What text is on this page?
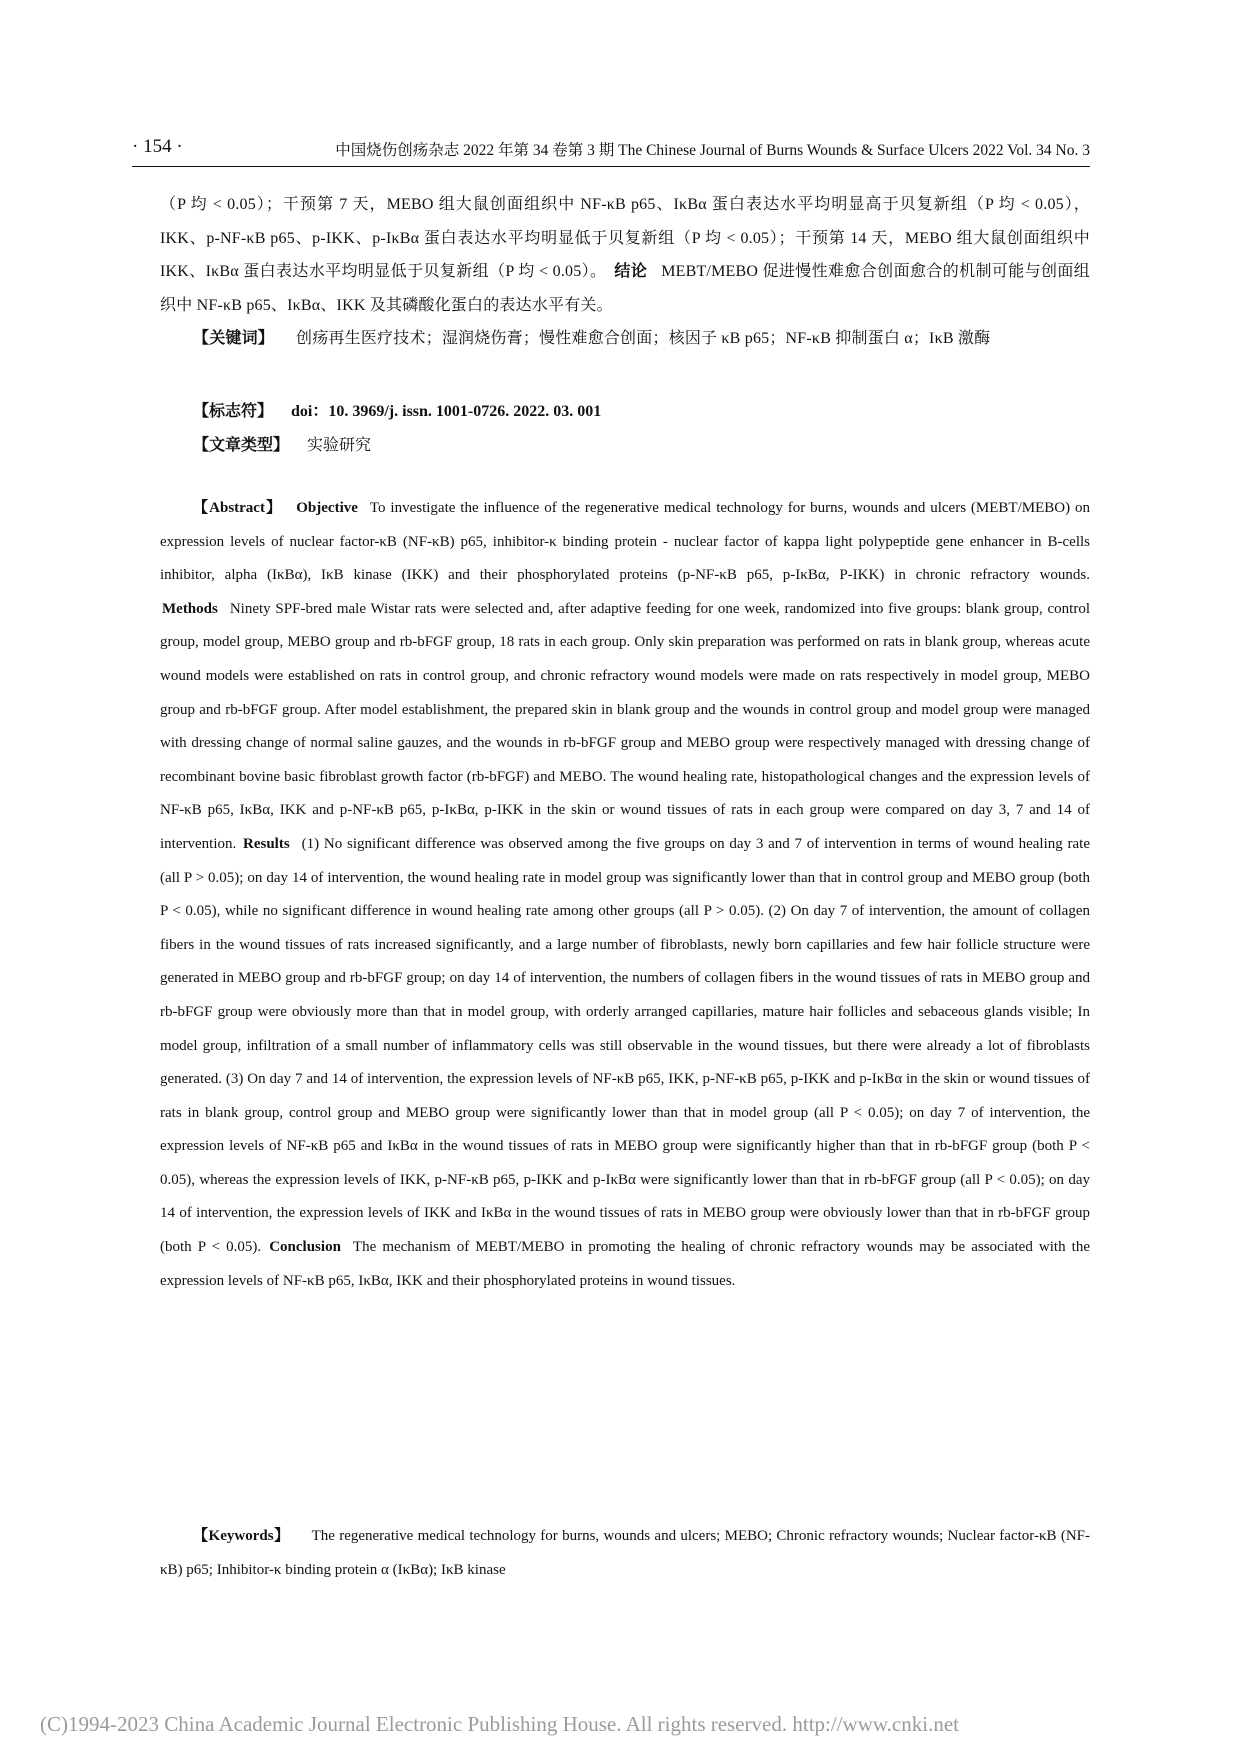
· 154 ·	中国烧伤创疡杂志 2022 年第 34 卷第 3 期 The Chinese Journal of Burns Wounds & Surface Ulcers 2022 Vol. 34 No. 3
（P 均 < 0.05）；干预第 7 天，MEBO 组大鼠创面组织中 NF-κB p65、IκBα 蛋白表达水平均明显高于贝复新组（P 均 < 0.05），IKK、p-NF-κB p65、p-IKK、p-IκBα 蛋白表达水平均明显低于贝复新组（P 均 < 0.05）；干预第 14 天，MEBO 组大鼠创面组织中 IKK、IκBα 蛋白表达水平均明显低于贝复新组（P 均 < 0.05）。 结论 MEBT/MEBO 促进慢性难愈合创面愈合的机制可能与创面组织中 NF-κB p65、IκBα、IKK 及其磷酸化蛋白的表达水平有关。
【关键词】 创疡再生医疗技术；湿润烧伤膏；慢性难愈合创面；核因子 κB p65；NF-κB 抑制蛋白 α；IκB 激酶
【标志符】 doi：10. 3969/j. issn. 1001-0726. 2022. 03. 001
【文章类型】 实验研究
【Abstract】 Objective To investigate the influence of the regenerative medical technology for burns, wounds and ulcers (MEBT/MEBO) on expression levels of nuclear factor-κB (NF-κB) p65, inhibitor-κ binding protein - nuclear factor of kappa light polypeptide gene enhancer in B-cells inhibitor, alpha (IκBα), IκB kinase (IKK) and their phosphorylated proteins (p-NF-κB p65, p-IκBα, P-IKK) in chronic refractory wounds. Methods Ninety SPF-bred male Wistar rats were selected and, after adaptive feeding for one week, randomized into five groups: blank group, control group, model group, MEBO group and rb-bFGF group, 18 rats in each group. Only skin preparation was performed on rats in blank group, whereas acute wound models were established on rats in control group, and chronic refractory wound models were made on rats respectively in model group, MEBO group and rb-bFGF group. After model establishment, the prepared skin in blank group and the wounds in control group and model group were managed with dressing change of normal saline gauzes, and the wounds in rb-bFGF group and MEBO group were respectively managed with dressing change of recombinant bovine basic fibroblast growth factor (rb-bFGF) and MEBO. The wound healing rate, histopathological changes and the expression levels of NF-κB p65, IκBα, IKK and p-NF-κB p65, p-IκBα, p-IKK in the skin or wound tissues of rats in each group were compared on day 3, 7 and 14 of intervention. Results (1) No significant difference was observed among the five groups on day 3 and 7 of intervention in terms of wound healing rate (all P > 0.05); on day 14 of intervention, the wound healing rate in model group was significantly lower than that in control group and MEBO group (both P < 0.05), while no significant difference in wound healing rate among other groups (all P > 0.05). (2) On day 7 of intervention, the amount of collagen fibers in the wound tissues of rats increased significantly, and a large number of fibroblasts, newly born capillaries and few hair follicle structure were generated in MEBO group and rb-bFGF group; on day 14 of intervention, the numbers of collagen fibers in the wound tissues of rats in MEBO group and rb-bFGF group were obviously more than that in model group, with orderly arranged capillaries, mature hair follicles and sebaceous glands visible; In model group, infiltration of a small number of inflammatory cells was still observable in the wound tissues, but there were already a lot of fibroblasts generated. (3) On day 7 and 14 of intervention, the expression levels of NF-κB p65, IKK, p-NF-κB p65, p-IKK and p-IκBα in the skin or wound tissues of rats in blank group, control group and MEBO group were significantly lower than that in model group (all P < 0.05); on day 7 of intervention, the expression levels of NF-κB p65 and IκBα in the wound tissues of rats in MEBO group were significantly higher than that in rb-bFGF group (both P < 0.05), whereas the expression levels of IKK, p-NF-κB p65, p-IKK and p-IκBα were significantly lower than that in rb-bFGF group (all P < 0.05); on day 14 of intervention, the expression levels of IKK and IκBα in the wound tissues of rats in MEBO group were obviously lower than that in rb-bFGF group (both P < 0.05). Conclusion The mechanism of MEBT/MEBO in promoting the healing of chronic refractory wounds may be associated with the expression levels of NF-κB p65, IκBα, IKK and their phosphorylated proteins in wound tissues.
【Keywords】 The regenerative medical technology for burns, wounds and ulcers; MEBO; Chronic refractory wounds; Nuclear factor-κB (NF-κB) p65; Inhibitor-κ binding protein α (IκBα); IκB kinase
(C)1994-2023 China Academic Journal Electronic Publishing House. All rights reserved. http://www.cnki.net
